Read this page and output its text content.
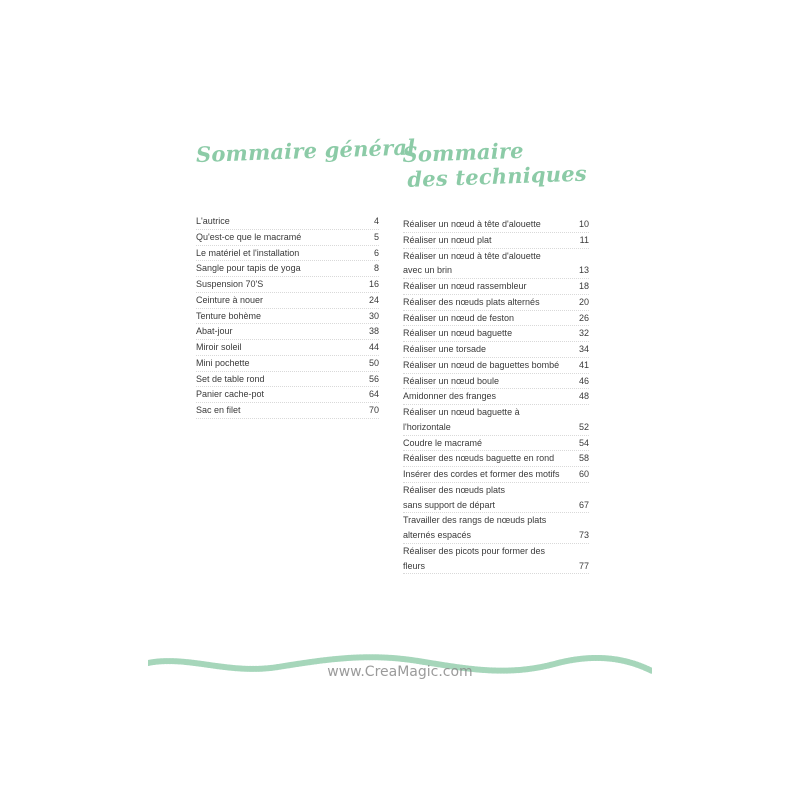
Sommaire général
Sommaire
des techniques
L'autrice	4
Qu'est-ce que le macramé	5
Le matériel et l'installation	6
Sangle pour tapis de yoga	8
Suspension 70'S	16
Ceinture à nouer	24
Tenture bohème	30
Abat-jour	38
Miroir soleil	44
Mini pochette	50
Set de table rond	56
Panier cache-pot	64
Sac en filet	70
Réaliser un nœud à tête d'alouette	10
Réaliser un nœud plat	11
Réaliser un nœud à tête d'alouette
avec un brin	13
Réaliser un nœud rassembleur	18
Réaliser des nœuds plats alternés	20
Réaliser un nœud de feston	26
Réaliser un nœud baguette	32
Réaliser une torsade	34
Réaliser un nœud de baguettes bombé	41
Réaliser un nœud boule	46
Amidonner des franges	48
Réaliser un nœud baguette à l'horizontale	52
Coudre le macramé	54
Réaliser des nœuds baguette en rond	58
Insérer des cordes et former des motifs	60
Réaliser des nœuds plats
sans support de départ	67
Travailler des rangs de nœuds plats
alternés espacés	73
Réaliser des picots pour former des fleurs	77
www.CreaMagic.com
